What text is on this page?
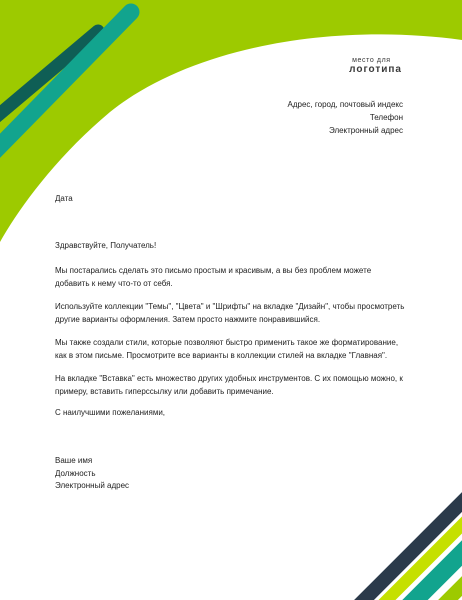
место для
логотипа
Адрес, город, почтовый индекс
Телефон
Электронный адрес
Дата
Здравствуйте, Получатель!
Мы постарались сделать это письмо простым и красивым, а вы без проблем можете добавить к нему что-то от себя.
Используйте коллекции "Темы", "Цвета" и "Шрифты" на вкладке "Дизайн", чтобы просмотреть другие варианты оформления. Затем просто нажмите понравившийся.
Мы также создали стили, которые позволяют быстро применить такое же форматирование, как в этом письме. Просмотрите все варианты в коллекции стилей на вкладке "Главная".
На вкладке "Вставка" есть множество других удобных инструментов. С их помощью можно, к примеру, вставить гиперссылку или добавить примечание.
С наилучшими пожеланиями,
Ваше имя
Должность
Электронный адрес
